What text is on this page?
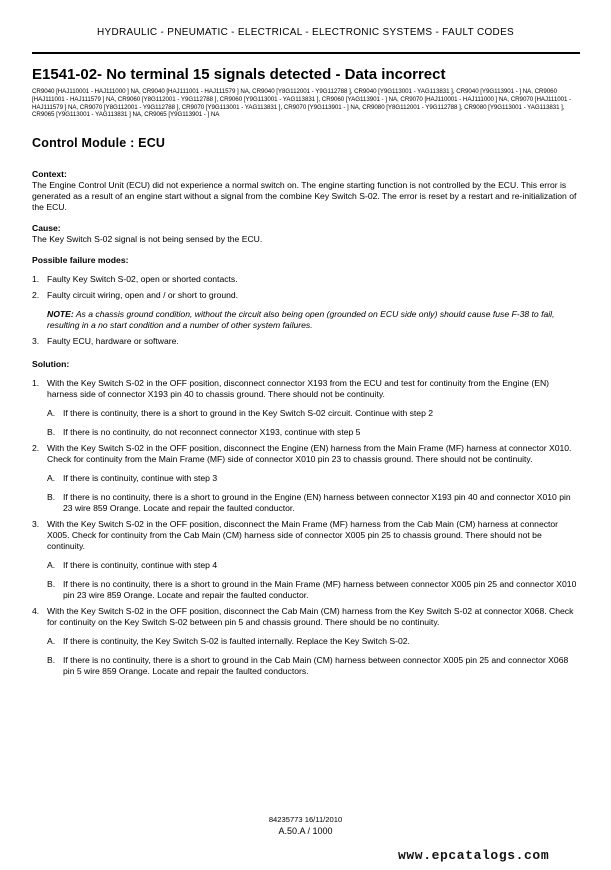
HYDRAULIC - PNEUMATIC - ELECTRICAL - ELECTRONIC SYSTEMS - FAULT CODES
E1541-02- No terminal 15 signals detected - Data incorrect

CR9040 [HAJ110001 - HAJ111000 ] NA, CR9040 [HAJ111001 - HAJ111579 ] NA, CR9040 [Y8G112001 - Y9G112788 ], CR9040 [Y9G113001 - YAG113831 ], CR9040 [Y9G113901 - ] NA, CR9060 [HAJ111001 - HAJ111579 ] NA, CR9060 [Y8G112001 - Y9G112788 ], CR9060 [Y9G113001 - YAG113831 ], CR9060 [YAG113901 - ] NA, CR9070 [HAJ110001 - HAJ111000 ] NA, CR9070 [HAJ111001 - HAJ111579 ] NA, CR9070 [Y8G112001 - Y9G112788 ], CR9070 [Y9G113001 - YAG113831 ], CR9070 [Y9G113901 - ] NA, CR9080 [Y8G112001 - Y9G112788 ], CR9080 [Y9G113001 - YAG113831 ], CR9065 [Y9G113001 - YAG113831 ] NA, CR9065 [Y9G113901 - ] NA

Control Module : ECU

Context:

The Engine Control Unit (ECU) did not experience a normal switch on. The engine starting function is not controlled by the ECU. This error is generated as a result of an engine start without a signal from the combine Key Switch S-02. The error is reset by a restart and re-initialization of the ECU.

Cause:

The Key Switch S-02 signal is not being sensed by the ECU.

Possible failure modes:

1. Faulty Key Switch S-02, open or shorted contacts.
2. Faulty circuit wiring, open and / or short to ground.

NOTE: As a chassis ground condition, without the circuit also being open (grounded on ECU side only) should cause fuse F-38 to fail, resulting in a no start condition and a number of other system failures.

3. Faulty ECU, hardware or software.

Solution:

1. With the Key Switch S-02 in the OFF position, disconnect connector X193 from the ECU and test for continuity from the Engine (EN) harness side of connector X193 pin 40 to chassis ground. There should not be continuity.
A. If there is continuity, there is a short to ground in the Key Switch S-02 circuit. Continue with step 2
B. If there is no continuity, do not reconnect connector X193, continue with step 5
2. With the Key Switch S-02 in the OFF position, disconnect the Engine (EN) harness from the Main Frame (MF) harness at connector X010. Check for continuity from the Main Frame (MF) side of connector X010 pin 23 to chassis ground. There should not be continuity.
A. If there is continuity, continue with step 3
B. If there is no continuity, there is a short to ground in the Engine (EN) harness between connector X193 pin 40 and connector X010 pin 23 wire 859 Orange. Locate and repair the faulted conductor.
3. With the Key Switch S-02 in the OFF position, disconnect the Main Frame (MF) harness from the Cab Main (CM) harness at connector X005. Check for continuity from the Cab Main (CM) harness side of connector X005 pin 25 to chassis ground. There should not be continuity.
A. If there is continuity, continue with step 4
B. If there is no continuity, there is a short to ground in the Main Frame (MF) harness between connector X005 pin 25 and connector X010 pin 23 wire 859 Orange. Locate and repair the faulted conductor.
4. With the Key Switch S-02 in the OFF position, disconnect the Cab Main (CM) harness from the Key Switch S-02 at connector X068. Check for continuity on the Key Switch S-02 between pin 5 and chassis ground. There should be no continuity.
A. If there is continuity, the Key Switch S-02 is faulted internally. Replace the Key Switch S-02.
B. If there is no continuity, there is a short to ground in the Cab Main (CM) harness between connector X005 pin 25 and connector X068 pin 5 wire 859 Orange. Locate and repair the faulted conductors.
84235773 16/11/2010
A.50.A / 1000
www.epcatalogs.com
